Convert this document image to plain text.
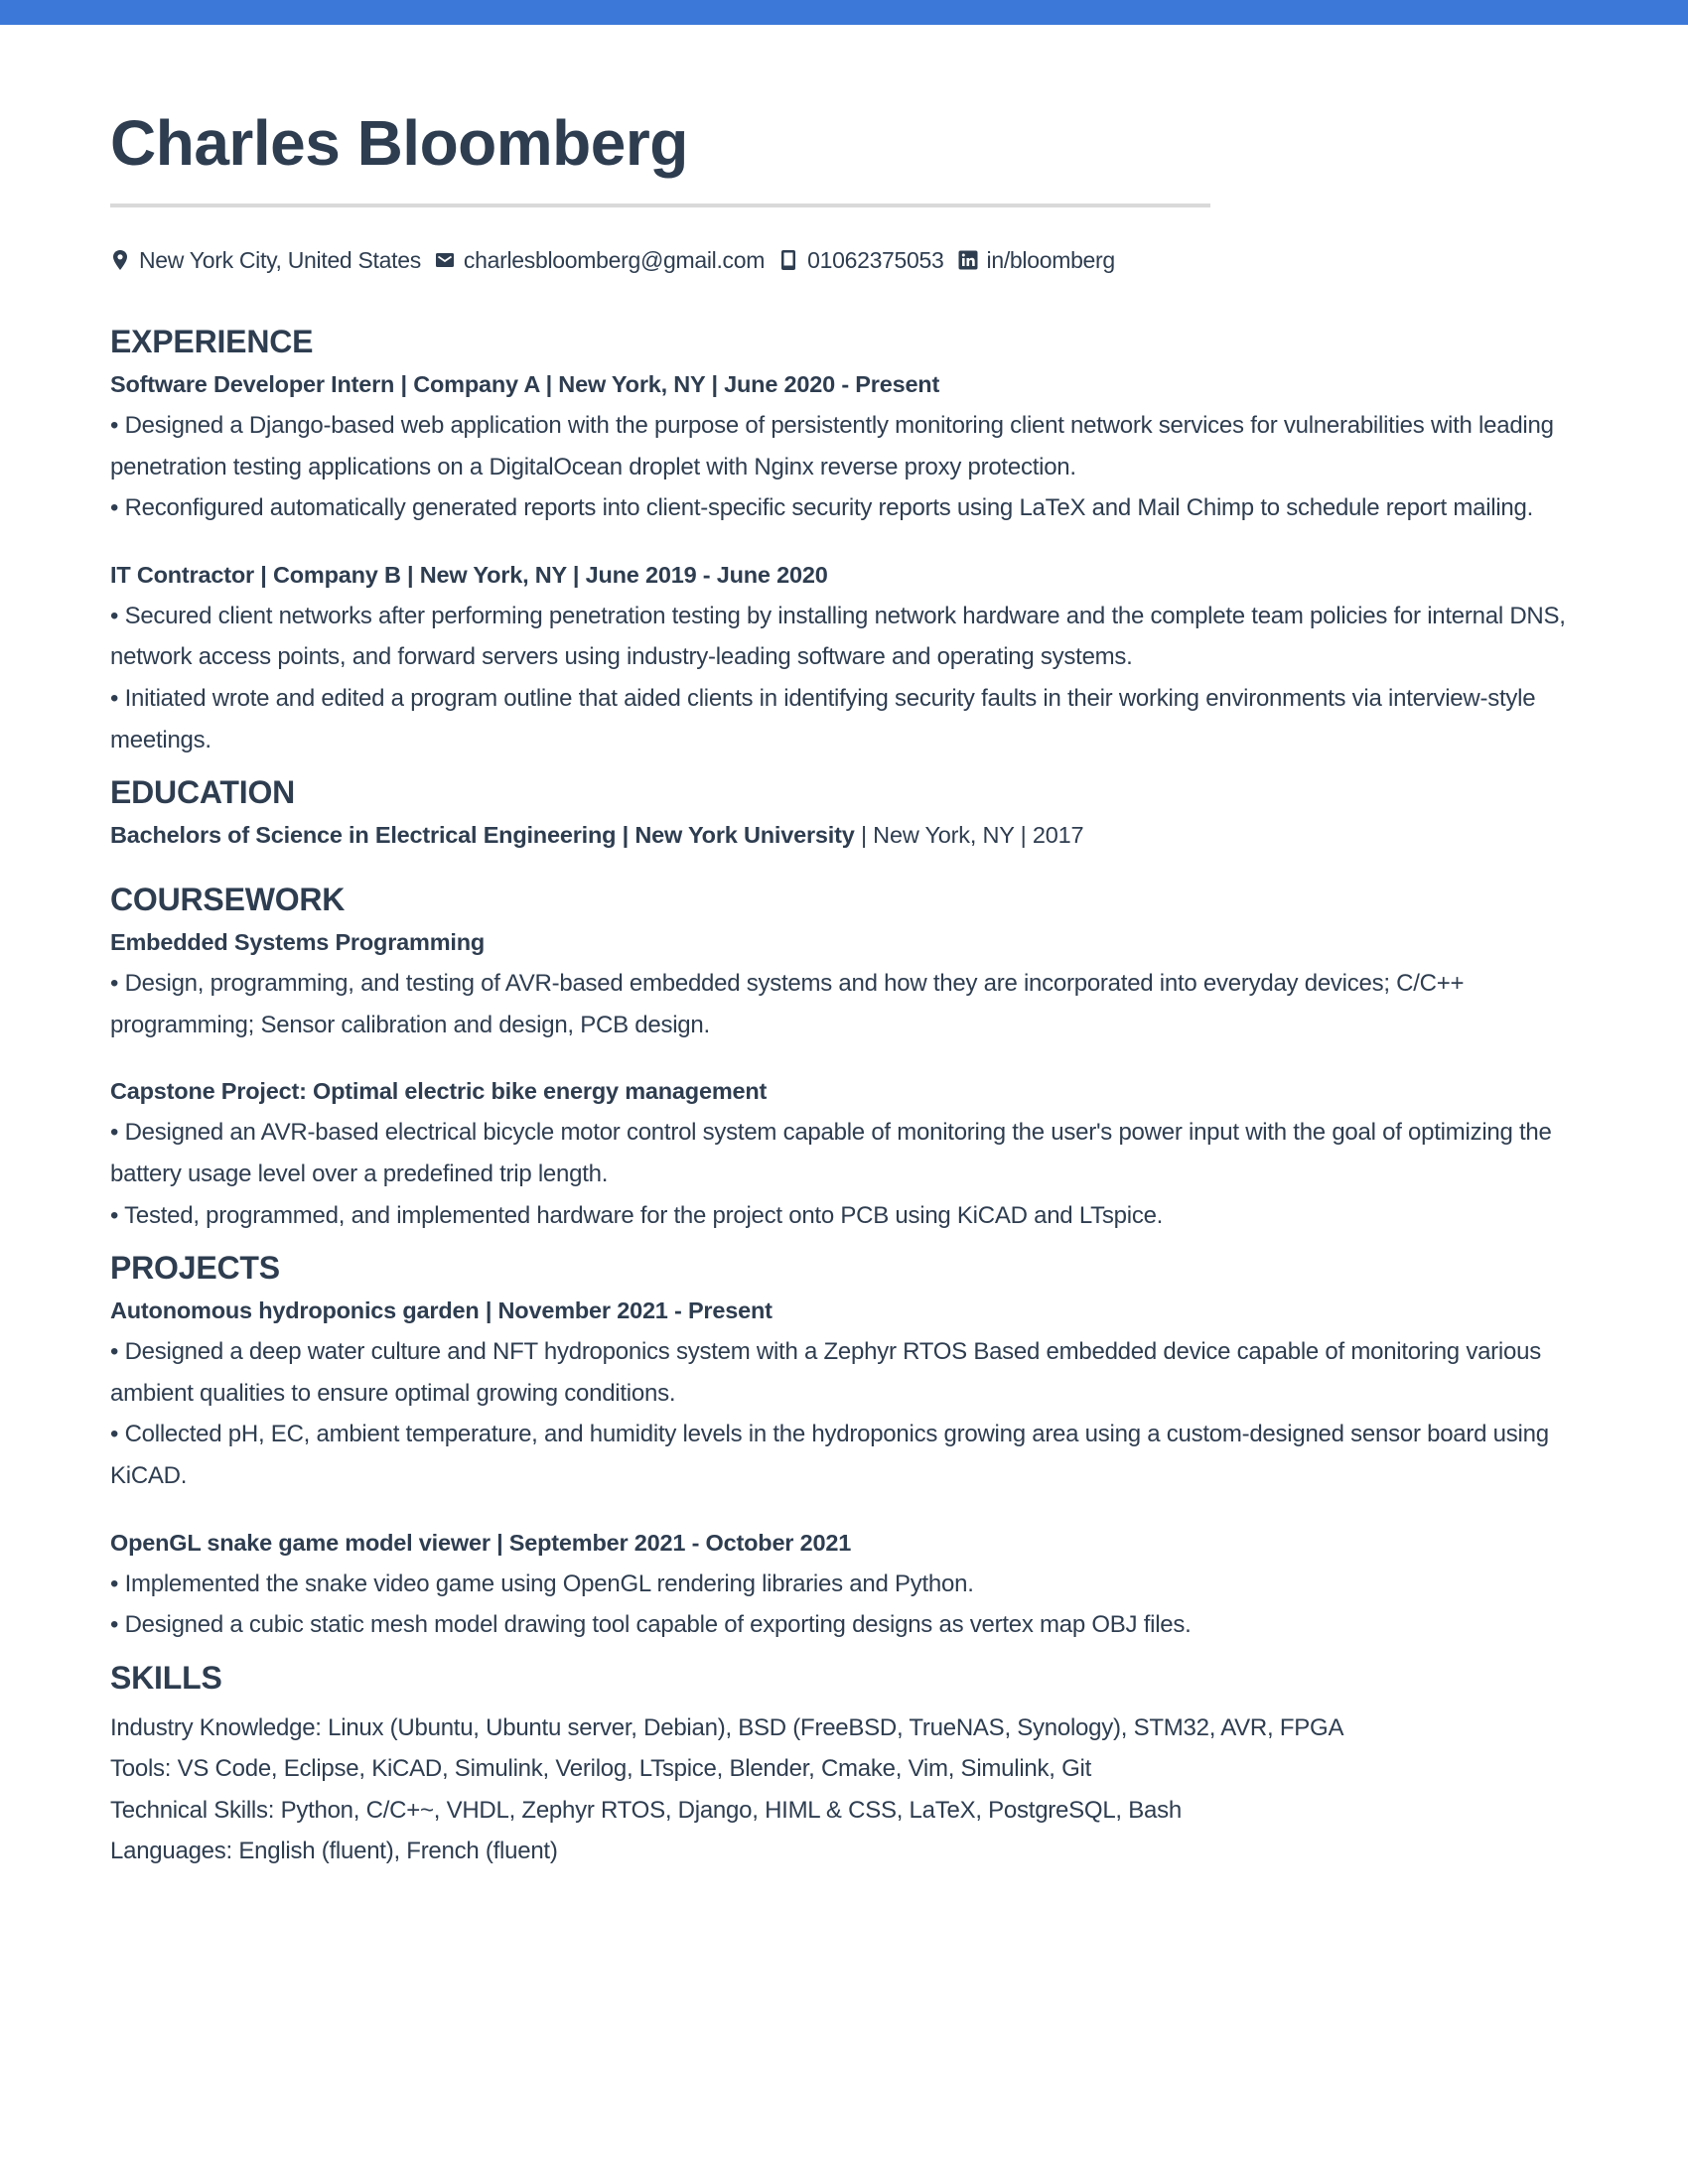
Charles Bloomberg
New York City, United States charlesbloomberg@gmail.com 01062375053 in/bloomberg
EXPERIENCE
Software Developer Intern | Company A | New York, NY | June 2020 - Present
• Designed a Django-based web application with the purpose of persistently monitoring client network services for vulnerabilities with leading penetration testing applications on a DigitalOcean droplet with Nginx reverse proxy protection.
• Reconfigured automatically generated reports into client-specific security reports using LaTeX and Mail Chimp to schedule report mailing.
IT Contractor | Company B | New York, NY | June 2019 - June 2020
• Secured client networks after performing penetration testing by installing network hardware and the complete team policies for internal DNS, network access points, and forward servers using industry-leading software and operating systems.
• Initiated wrote and edited a program outline that aided clients in identifying security faults in their working environments via interview-style meetings.
EDUCATION
Bachelors of Science in Electrical Engineering | New York University | New York, NY | 2017
COURSEWORK
Embedded Systems Programming
• Design, programming, and testing of AVR-based embedded systems and how they are incorporated into everyday devices; C/C++ programming; Sensor calibration and design, PCB design.
Capstone Project: Optimal electric bike energy management
• Designed an AVR-based electrical bicycle motor control system capable of monitoring the user's power input with the goal of optimizing the battery usage level over a predefined trip length.
• Tested, programmed, and implemented hardware for the project onto PCB using KiCAD and LTspice.
PROJECTS
Autonomous hydroponics garden | November 2021 - Present
• Designed a deep water culture and NFT hydroponics system with a Zephyr RTOS Based embedded device capable of monitoring various ambient qualities to ensure optimal growing conditions.
• Collected pH, EC, ambient temperature, and humidity levels in the hydroponics growing area using a custom-designed sensor board using KiCAD.
OpenGL snake game model viewer | September 2021 - October 2021
• Implemented the snake video game using OpenGL rendering libraries and Python.
• Designed a cubic static mesh model drawing tool capable of exporting designs as vertex map OBJ files.
SKILLS
Industry Knowledge: Linux (Ubuntu, Ubuntu server, Debian), BSD (FreeBSD, TrueNAS, Synology), STM32, AVR, FPGA
Tools: VS Code, Eclipse, KiCAD, Simulink, Verilog, LTspice, Blender, Cmake, Vim, Simulink, Git
Technical Skills: Python, C/C+~, VHDL, Zephyr RTOS, Django, HIML & CSS, LaTeX, PostgreSQL, Bash
Languages: English (fluent), French (fluent)
